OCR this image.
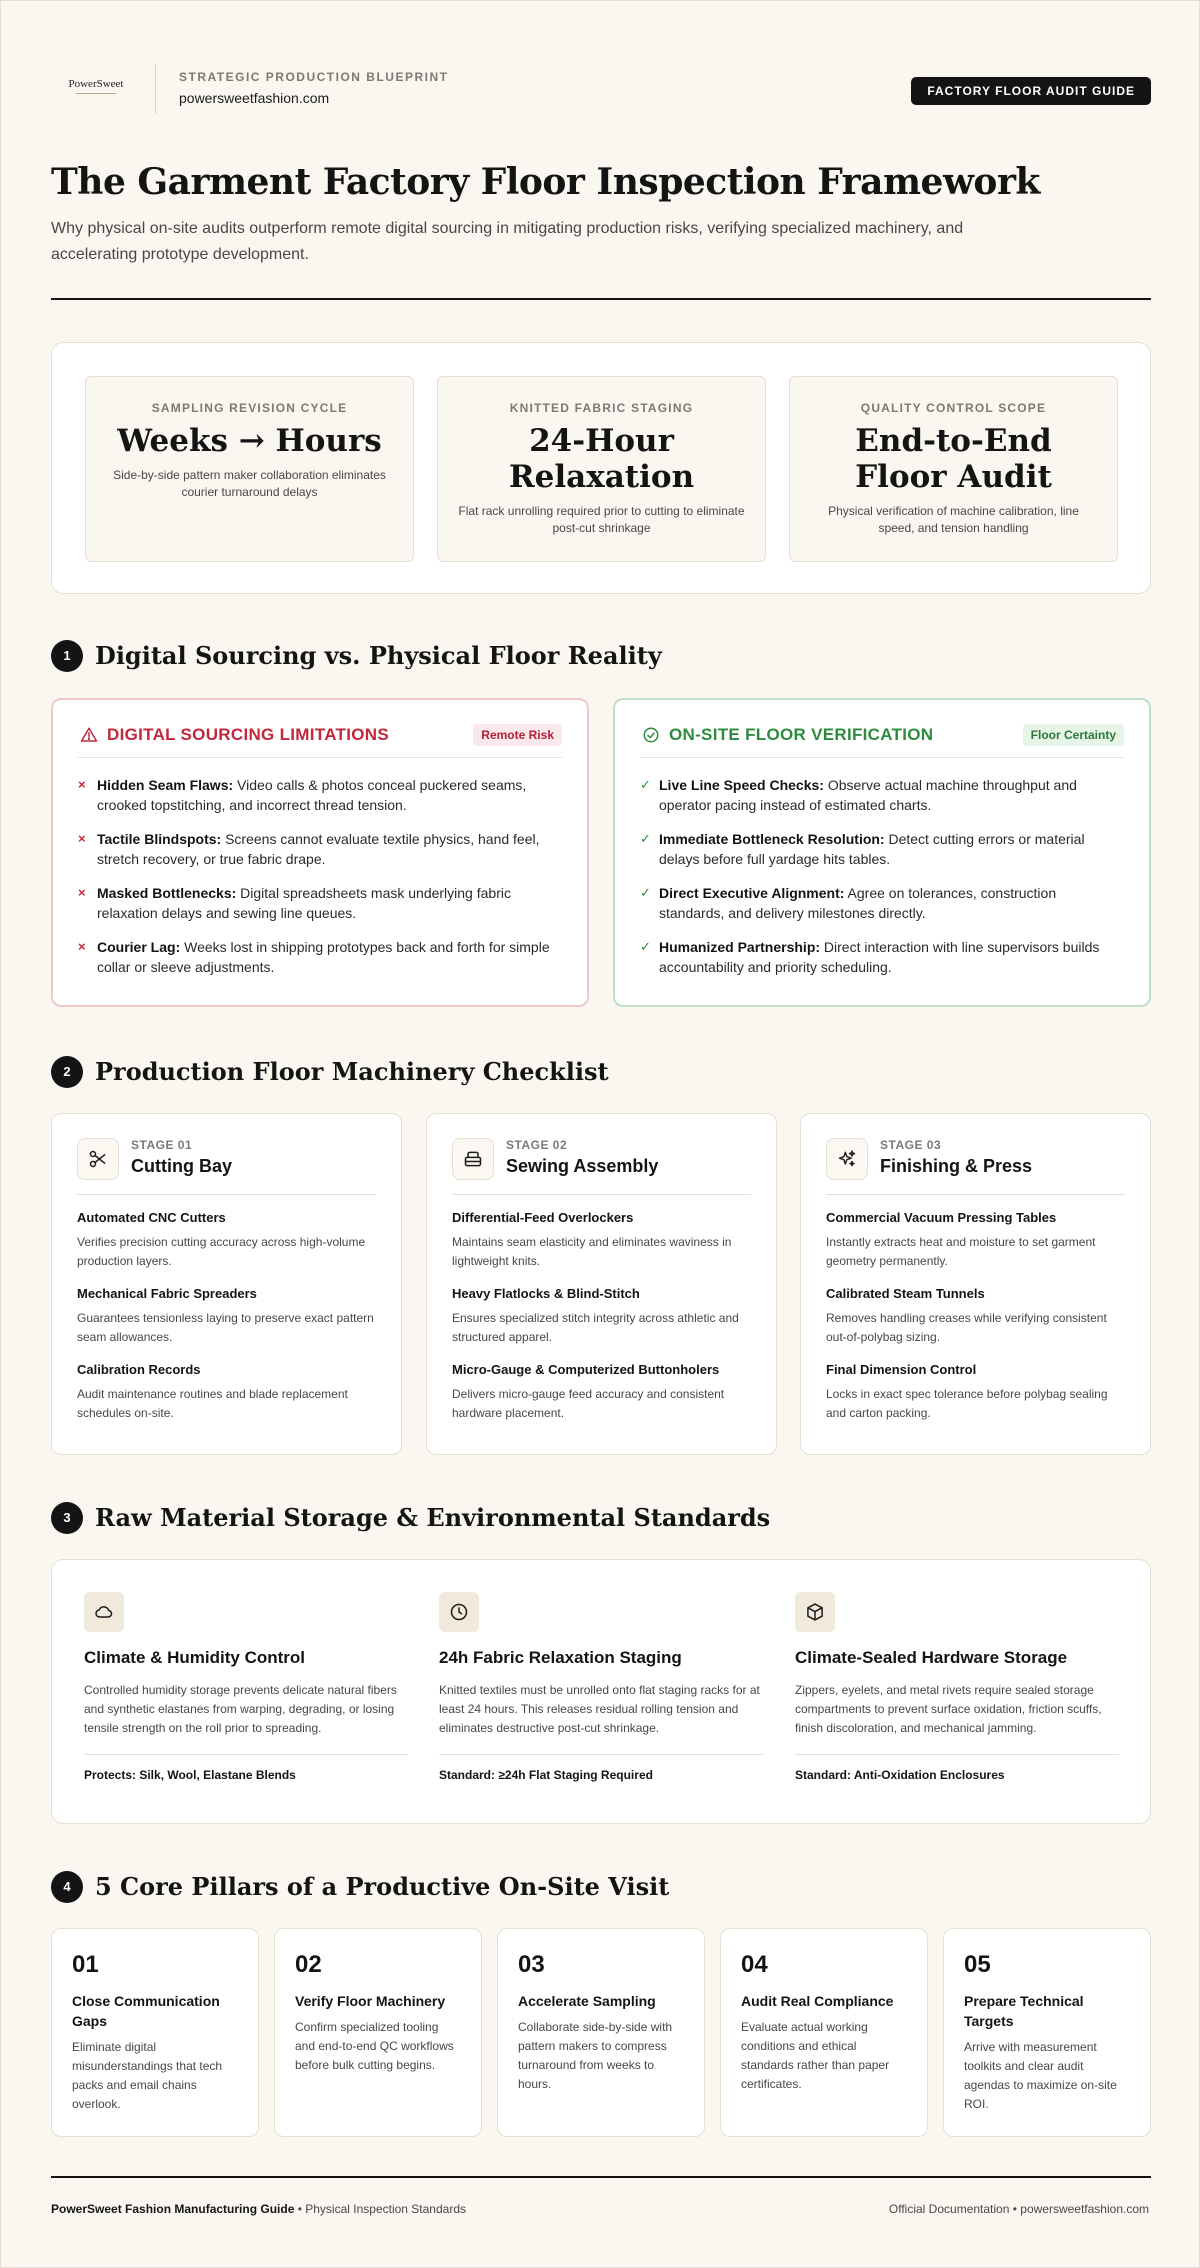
PowerSweet	STRATEGIC PRODUCTION BLUEPRINT
powersweetfashion.com	FACTORY FLOOR AUDIT GUIDE
The Garment Factory Floor Inspection Framework

Why physical on-site audits outperform remote digital sourcing in mitigating production risks, verifying specialized machinery, and accelerating prototype development.

SAMPLING REVISION CYCLE
Weeks → Hours
Side-by-side pattern maker collaboration eliminates courier turnaround delays
KNITTED FABRIC STAGING
24-Hour Relaxation
Flat rack unrolling required prior to cutting to eliminate post-cut shrinkage
QUALITY CONTROL SCOPE
End-to-End Floor Audit
Physical verification of machine calibration, line speed, and tension handling
1	Digital Sourcing vs. Physical Floor Reality
DIGITAL SOURCING LIMITATIONS	Remote Risk
× Hidden Seam Flaws: Video calls & photos conceal puckered seams, crooked topstitching, and incorrect thread tension.
× Tactile Blindspots: Screens cannot evaluate textile physics, hand feel, stretch recovery, or true fabric drape.
× Masked Bottlenecks: Digital spreadsheets mask underlying fabric relaxation delays and sewing line queues.
× Courier Lag: Weeks lost in shipping prototypes back and forth for simple collar or sleeve adjustments.
ON-SITE FLOOR VERIFICATION	Floor Certainty
✓ Live Line Speed Checks: Observe actual machine throughput and operator pacing instead of estimated charts.
✓ Immediate Bottleneck Resolution: Detect cutting errors or material delays before full yardage hits tables.
✓ Direct Executive Alignment: Agree on tolerances, construction standards, and delivery milestones directly.
✓ Humanized Partnership: Direct interaction with line supervisors builds accountability and priority scheduling.
2	Production Floor Machinery Checklist
STAGE 01
Cutting Bay
Automated CNC Cutters
Verifies precision cutting accuracy across high-volume production layers.
Mechanical Fabric Spreaders
Guarantees tensionless laying to preserve exact pattern seam allowances.
Calibration Records
Audit maintenance routines and blade replacement schedules on-site.
STAGE 02
Sewing Assembly
Differential-Feed Overlockers
Maintains seam elasticity and eliminates waviness in lightweight knits.
Heavy Flatlocks & Blind-Stitch
Ensures specialized stitch integrity across athletic and structured apparel.
Micro-Gauge & Computerized Buttonholers
Delivers micro-gauge feed accuracy and consistent hardware placement.
STAGE 03
Finishing & Press
Commercial Vacuum Pressing Tables
Instantly extracts heat and moisture to set garment geometry permanently.
Calibrated Steam Tunnels
Removes handling creases while verifying consistent out-of-polybag sizing.
Final Dimension Control
Locks in exact spec tolerance before polybag sealing and carton packing.
3	Raw Material Storage & Environmental Standards
Climate & Humidity Control
Controlled humidity storage prevents delicate natural fibers and synthetic elastanes from warping, degrading, or losing tensile strength on the roll prior to spreading.
Protects: Silk, Wool, Elastane Blends
24h Fabric Relaxation Staging
Knitted textiles must be unrolled onto flat staging racks for at least 24 hours. This releases residual rolling tension and eliminates destructive post-cut shrinkage.
Standard: ≥24h Flat Staging Required
Climate-Sealed Hardware Storage
Zippers, eyelets, and metal rivets require sealed storage compartments to prevent surface oxidation, friction scuffs, finish discoloration, and mechanical jamming.
Standard: Anti-Oxidation Enclosures
4	5 Core Pillars of a Productive On-Site Visit
01
Close Communication Gaps
Eliminate digital misunderstandings that tech packs and email chains overlook.
02
Verify Floor Machinery
Confirm specialized tooling and end-to-end QC workflows before bulk cutting begins.
03
Accelerate Sampling
Collaborate side-by-side with pattern makers to compress turnaround from weeks to hours.
04
Audit Real Compliance
Evaluate actual working conditions and ethical standards rather than paper certificates.
05
Prepare Technical Targets
Arrive with measurement toolkits and clear audit agendas to maximize on-site ROI.
PowerSweet Fashion Manufacturing Guide • Physical Inspection Standards	Official Documentation • powersweetfashion.com
